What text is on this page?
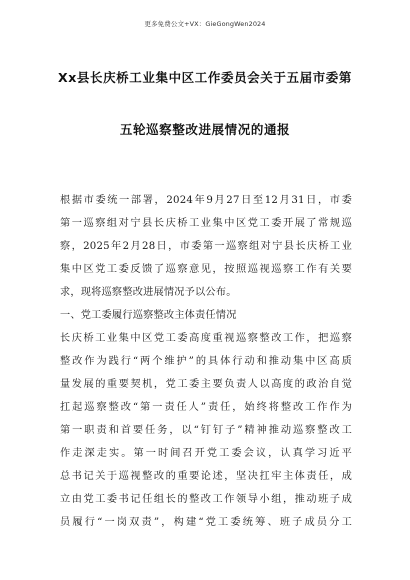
更多免费公文+VX：GieGongWen2024
Xx县长庆桥工业集中区工作委员会关于五届市委第
五轮巡察整改进展情况的通报
根据市委统一部署，2024年9月27日至12月31日，市委
第一巡察组对宁县长庆桥工业集中区党工委开展了常规巡
察，2025年2月28日，市委第一巡察组对宁县长庆桥工业
集中区党工委反馈了巡察意见，按照巡视巡察工作有关要
求，现将巡察整改进展情况予以公布。
一、党工委履行巡察整改主体责任情况
长庆桥工业集中区党工委高度重视巡察整改工作，把巡察
整改作为践行“两个维护”的具体行动和推动集中区高质
量发展的重要契机，党工委主要负责人以高度的政治自觉
扛起巡察整改“第一责任人”责任，始终将整改工作作为
第一职责和首要任务，以“钉钉子”精神推动巡察整改工
作走深走实。第一时间召开党工委会议，认真学习近平
总书记关于巡视整改的重要论述，坚决扛牢主体责任，成
立由党工委书记任组长的整改工作领导小组，推动班子成
员履行“一岗双责”，构建“党工委统筹、班子成员分工
